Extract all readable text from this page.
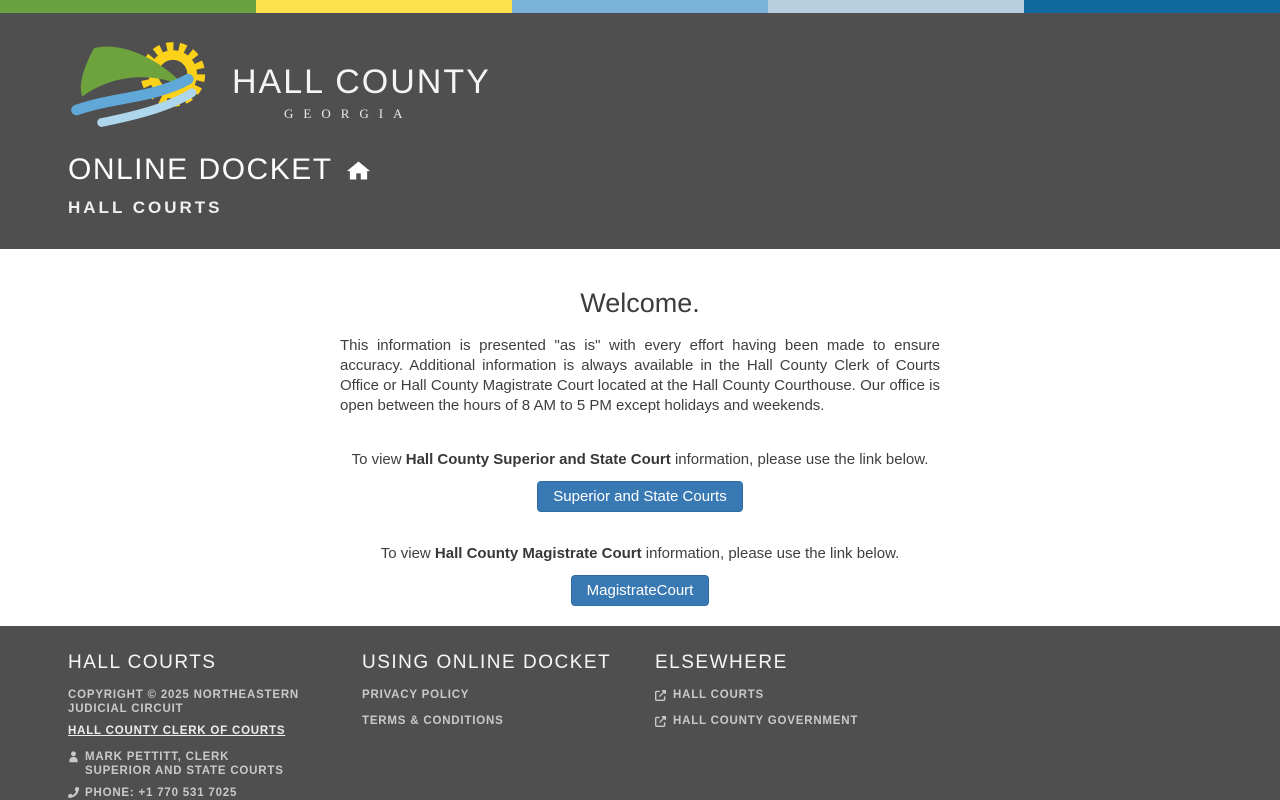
HALL COUNTY
GEORGIA
ONLINE DOCKET
HALL COURTS
Welcome.

This information is presented "as is" with every effort having been made to ensure accuracy. Additional information is always available in the Hall County Clerk of Courts Office or Hall County Magistrate Court located at the Hall County Courthouse. Our office is open between the hours of 8 AM to 5 PM except holidays and weekends.

To view Hall County Superior and State Court information, please use the link below.
Superior and State Courts
To view Hall County Magistrate Court information, please use the link below.
MagistrateCourt
HALL COURTS
COPYRIGHT © 2025 NORTHEASTERN JUDICIAL CIRCUIT
HALL COUNTY CLERK OF COURTS
MARK PETTITT, CLERK
SUPERIOR AND STATE COURTS
PHONE: +1 770 531 7025
USING ONLINE DOCKET
PRIVACY POLICY
TERMS & CONDITIONS
ELSEWHERE
HALL COURTS
HALL COUNTY GOVERNMENT
